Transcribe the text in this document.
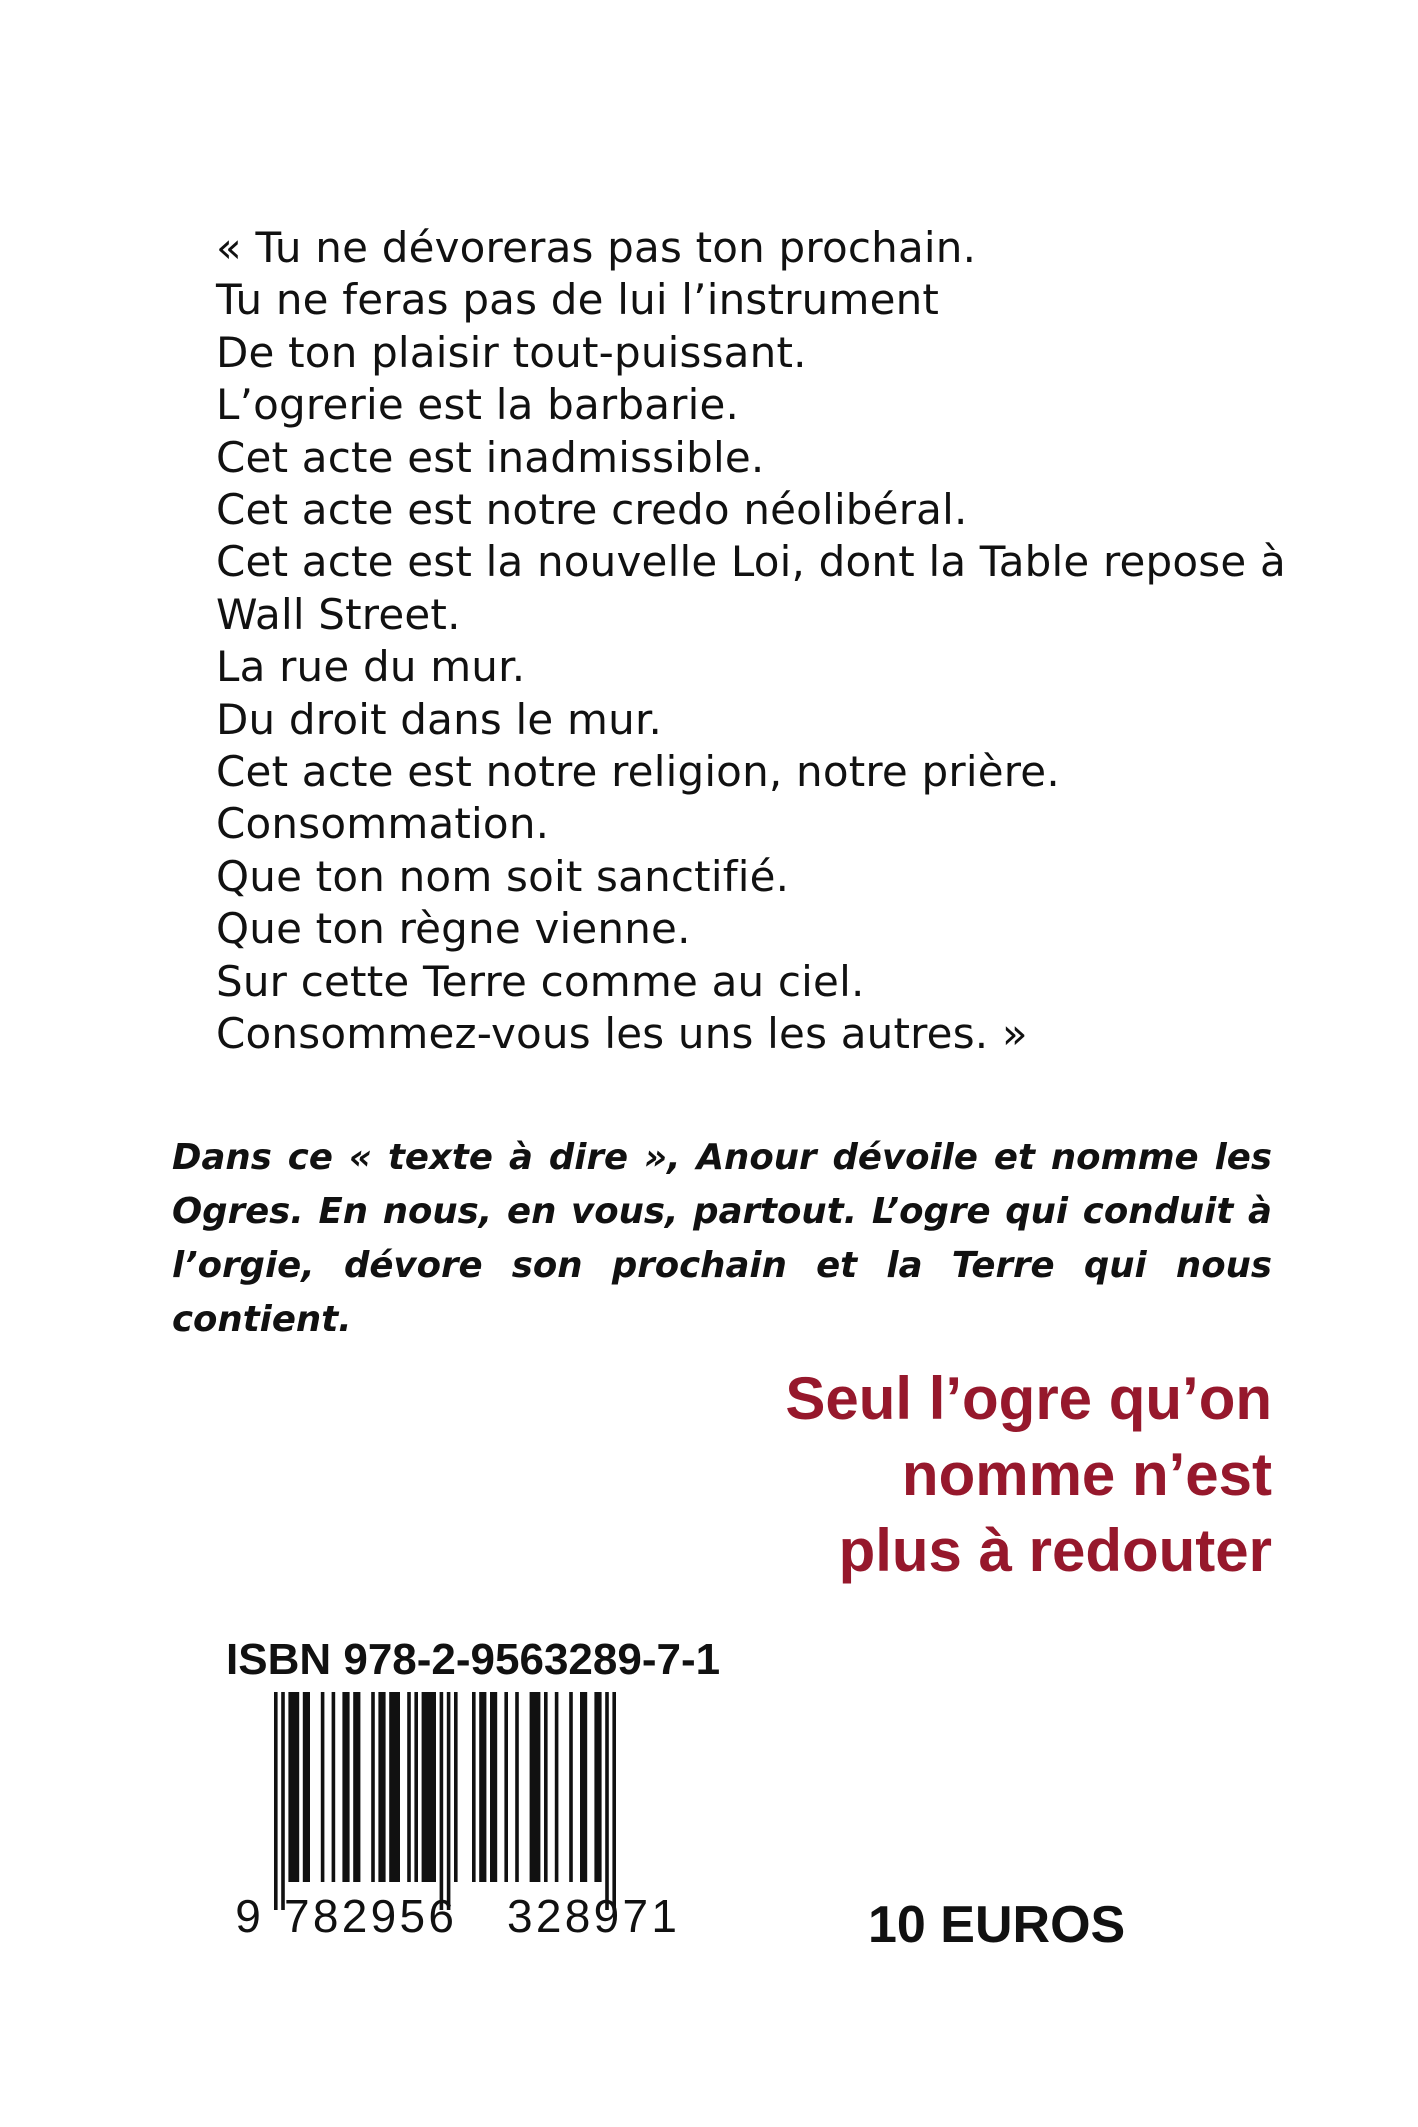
« Tu ne dévoreras pas ton prochain.
Tu ne feras pas de lui l’instrument
De ton plaisir tout-puissant.
L’ogrerie est la barbarie.
Cet acte est inadmissible.
Cet acte est notre credo néolibéral.
Cet acte est la nouvelle Loi, dont la Table repose à
Wall Street.
La rue du mur.
Du droit dans le mur.
Cet acte est notre religion, notre prière.
Consommation.
Que ton nom soit sanctifié.
Que ton règne vienne.
Sur cette Terre comme au ciel.
Consommez-vous les uns les autres. »
Dans ce « texte à dire », Anour dévoile et nomme les Ogres. En nous, en vous, partout. L’ogre qui conduit à l’orgie, dévore son prochain et la Terre qui nous contient.
Seul l’ogre qu’on
nomme n’est
plus à redouter
ISBN 978-2-9563289-7-1
9 782956 328971	10 EUROS
